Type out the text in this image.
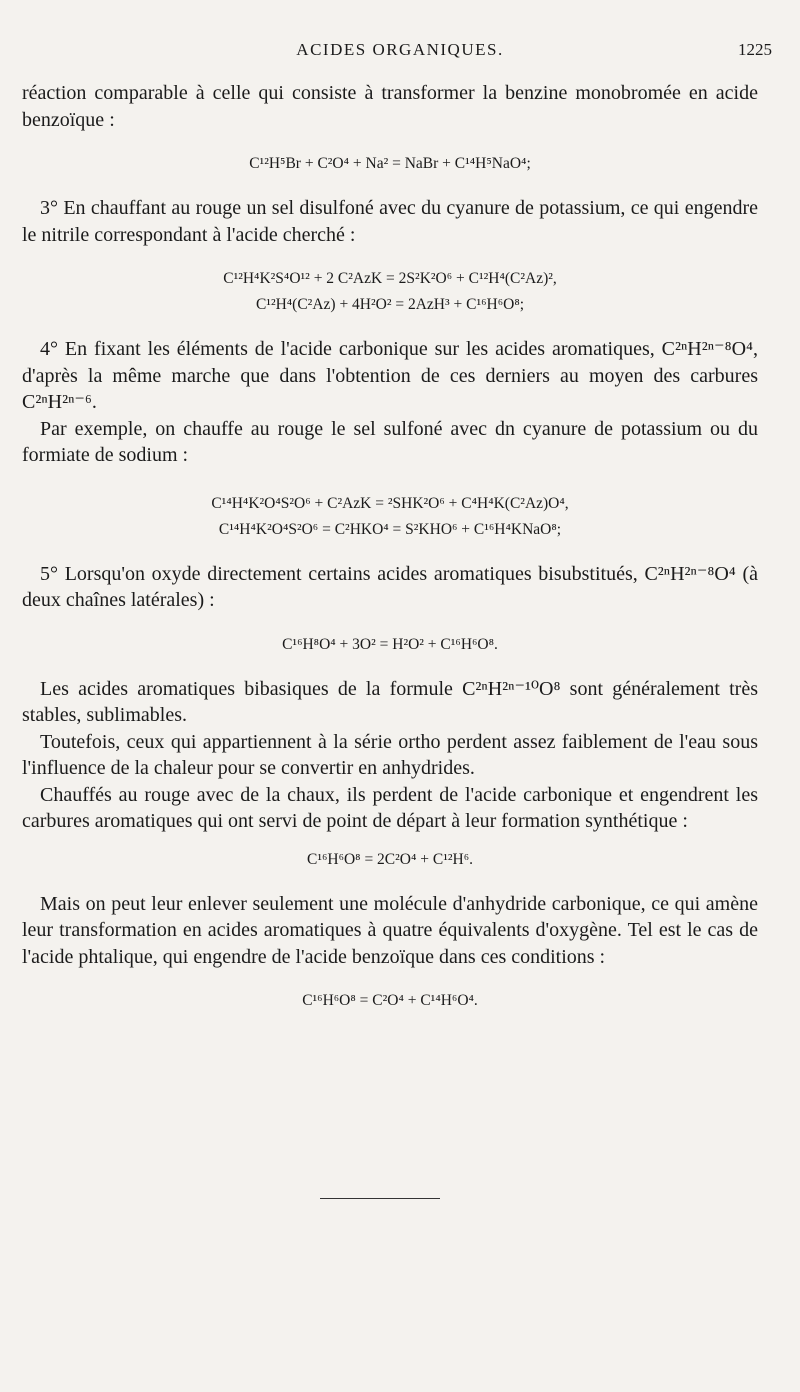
ACIDES ORGANIQUES.	1225

réaction comparable à celle qui consiste à transformer la benzine monobromée en acide benzoïque :

C¹²H⁵Br + C²O⁴ + Na² = NaBr + C¹⁴H⁵NaO⁴;

3° En chauffant au rouge un sel disulfoné avec du cyanure de potassium, ce qui engendre le nitrile correspondant à l'acide cherché :

C¹²H⁴K²S⁴O¹² + 2 C²AzK = 2S²K²O⁶ + C¹²H⁴(C²Az)²,
C¹²H⁴(C²Az) + 4H²O² = 2AzH³ + C¹⁶H⁶O⁸;

4° En fixant les éléments de l'acide carbonique sur les acides aromatiques, C²ⁿH²ⁿ⁻⁸O⁴, d'après la même marche que dans l'obtention de ces derniers au moyen des carbures C²ⁿH²ⁿ⁻⁶.

Par exemple, on chauffe au rouge le sel sulfoné avec dn cyanure de potassium ou du formiate de sodium :

C¹⁴H⁴K²O⁴S²O⁶ + C²AzK = ²SHK²O⁶ + C⁴H⁴K(C²Az)O⁴,
C¹⁴H⁴K²O⁴S²O⁶ = C²HKO⁴ = S²KHO⁶ + C¹⁶H⁴KNaO⁸;

5° Lorsqu'on oxyde directement certains acides aromatiques bisubstitués, C²ⁿH²ⁿ⁻⁸O⁴ (à deux chaînes latérales) :

C¹⁶H⁸O⁴ + 3O² = H²O² + C¹⁶H⁶O⁸.

Les acides aromatiques bibasiques de la formule C²ⁿH²ⁿ⁻¹⁰O⁸ sont généralement très stables, sublimables.

Toutefois, ceux qui appartiennent à la série ortho perdent assez faiblement de l'eau sous l'influence de la chaleur pour se convertir en anhydrides.

Chauffés au rouge avec de la chaux, ils perdent de l'acide carbonique et engendrent les carbures aromatiques qui ont servi de point de départ à leur formation synthétique :

C¹⁶H⁶O⁸ = 2C²O⁴ + C¹²H⁶.

Mais on peut leur enlever seulement une molécule d'anhydride carbonique, ce qui amène leur transformation en acides aromatiques à quatre équivalents d'oxygène. Tel est le cas de l'acide phtalique, qui engendre de l'acide benzoïque dans ces conditions :

C¹⁶H⁶O⁸ = C²O⁴ + C¹⁴H⁶O⁴.
